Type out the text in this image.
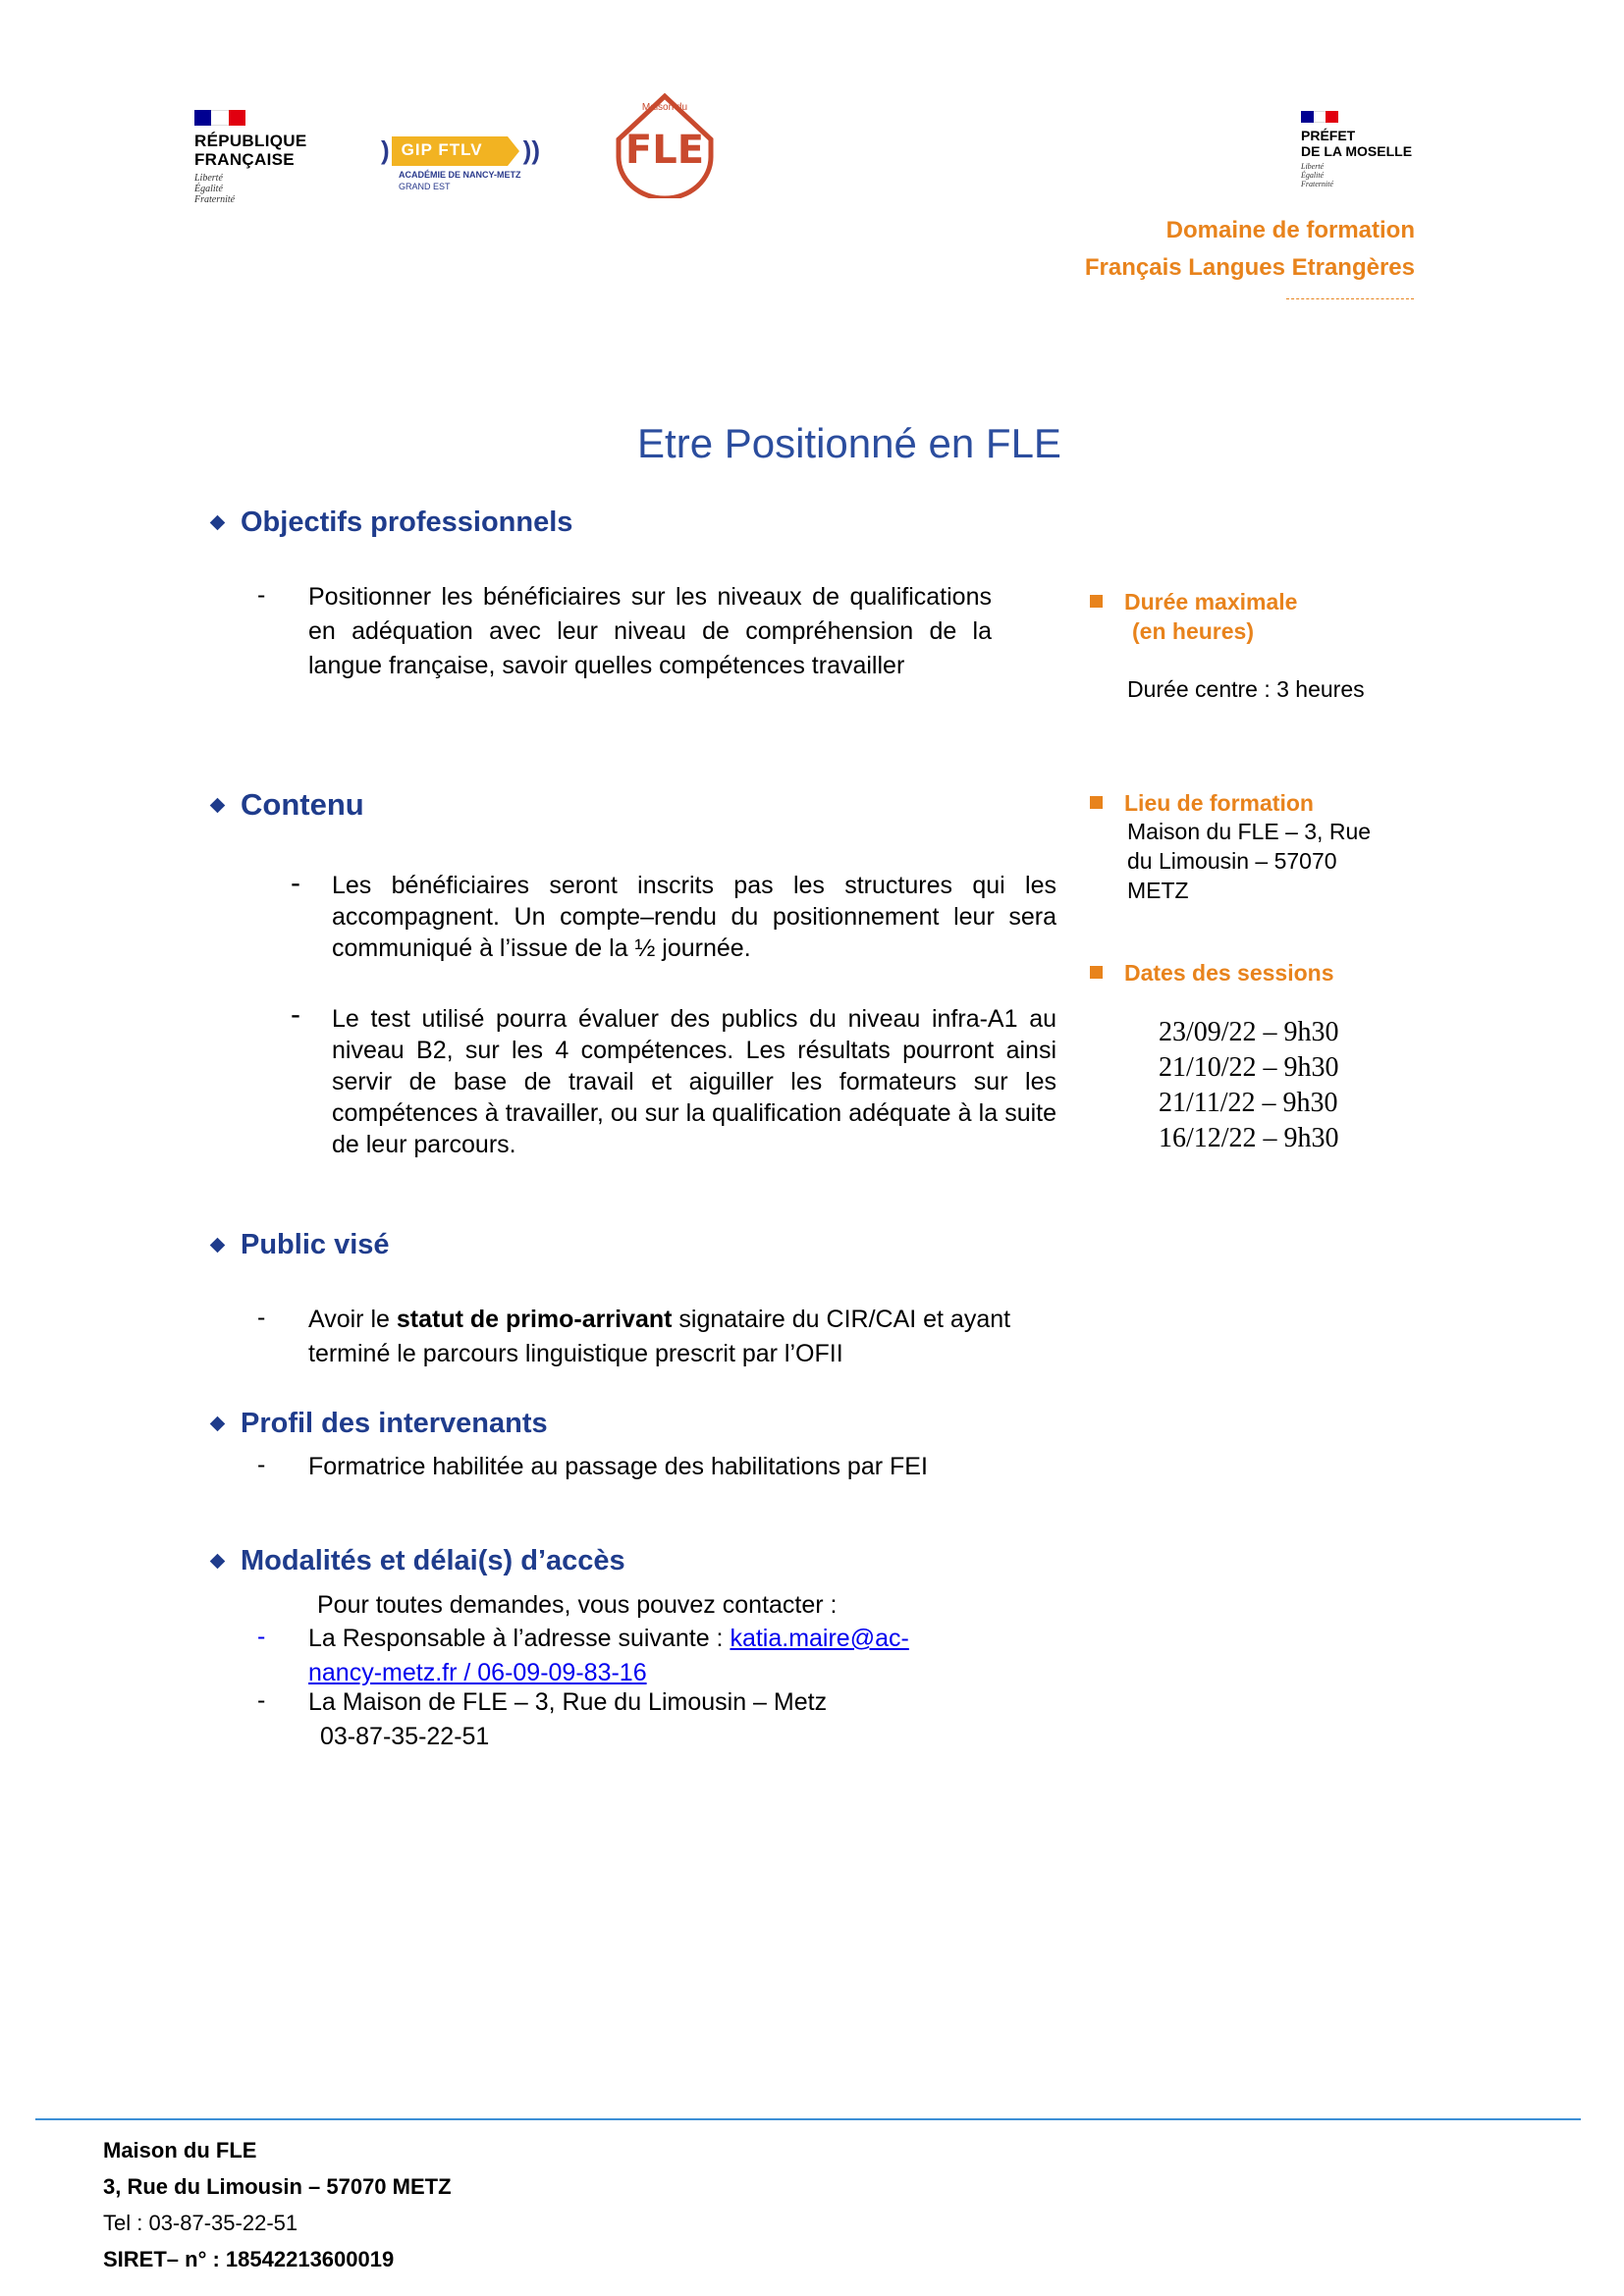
RÉPUBLIQUE
FRANÇAISE
Liberté
Égalité
Fraternité
) GIP FTLV ))
ACADÉMIE DE NANCY-METZ
GRAND EST
Maison du
FLE	PRÉFET
DE LA MOSELLE
Liberté
Égalité
Fraternité
Domaine de formation
Français Langues Etrangères
Etre Positionné en FLE
Objectifs professionnels
- Positionner les bénéficiaires sur les niveaux de qualifications en adéquation avec leur niveau de compréhension de la langue française, savoir quelles compétences travailler
Durée maximale
(en heures)
Durée centre : 3 heures
Contenu
- Les bénéficiaires seront inscrits pas les structures qui les accompagnent. Un compte–rendu du positionnement leur sera communiqué à l’issue de la ½ journée.
- Le test utilisé pourra évaluer des publics du niveau infra-A1 au niveau B2, sur les 4 compétences. Les résultats pourront ainsi servir de base de travail et aiguiller les formateurs sur les compétences à travailler, ou sur la qualification adéquate à la suite de leur parcours.
Lieu de formation
Maison du FLE – 3, Rue
du Limousin – 57070
METZ
Dates des sessions
23/09/22 – 9h30
21/10/22 – 9h30
21/11/22 – 9h30
16/12/22 – 9h30
Public visé
- Avoir le statut de primo-arrivant signataire du CIR/CAI et ayant terminé le parcours linguistique prescrit par l’OFII
Profil des intervenants
- Formatrice habilitée au passage des habilitations par FEI
Modalités et délai(s) d’accès
Pour toutes demandes, vous pouvez contacter :
- La Responsable à l’adresse suivante : katia.maire@ac-
nancy-metz.fr / 06-09-09-83-16
- La Maison de FLE – 3, Rue du Limousin – Metz
03-87-35-22-51
Maison du FLE
3, Rue du Limousin – 57070 METZ
Tel : 03-87-35-22-51
SIRET– n° : 18542213600019
